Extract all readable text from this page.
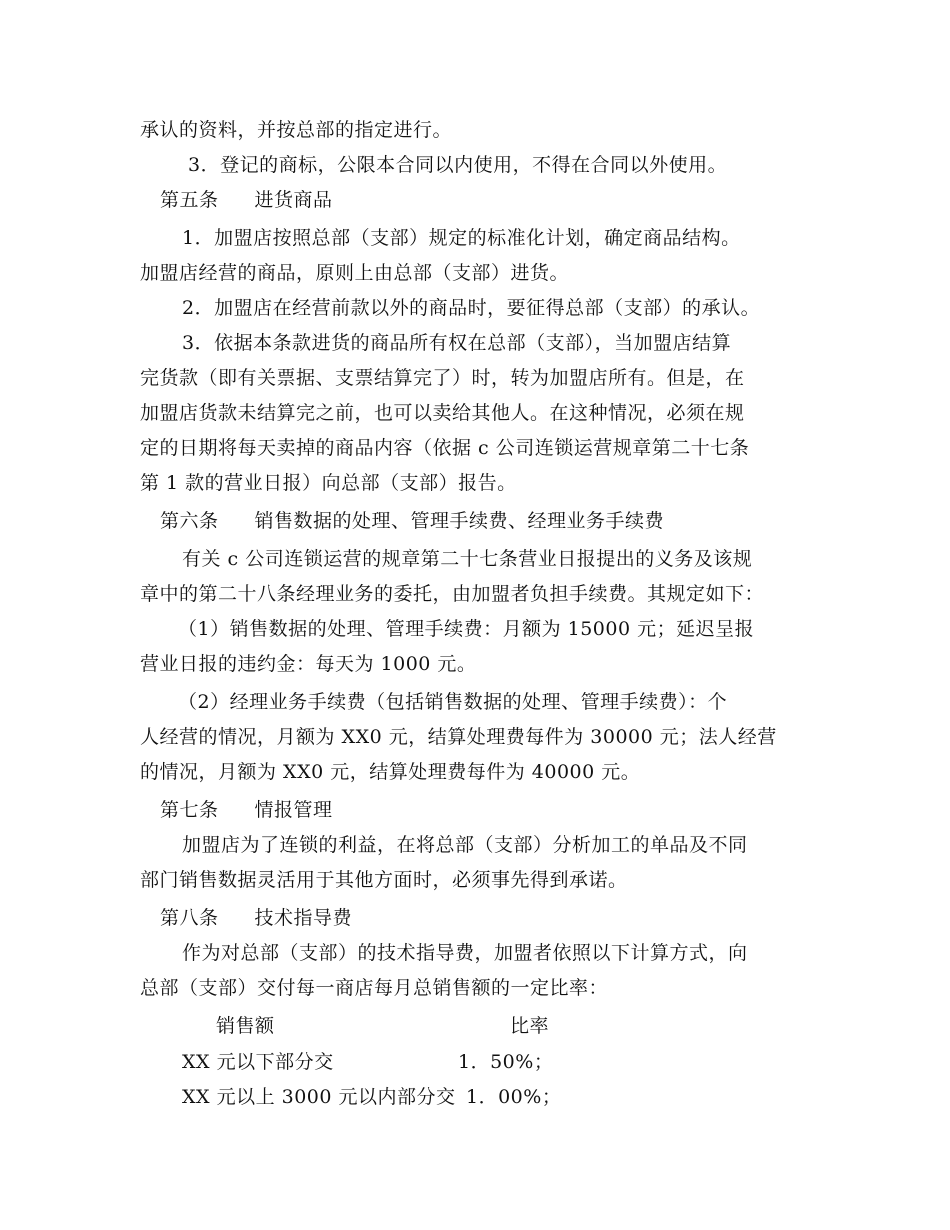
承认的资料，并按总部的指定进行。
3．登记的商标，公限本合同以内使用，不得在合同以外使用。
第五条 进货商品
1．加盟店按照总部（支部）规定的标准化计划，确定商品结构。
加盟店经营的商品，原则上由总部（支部）进货。
2．加盟店在经营前款以外的商品时，要征得总部（支部）的承认。
3．依据本条款进货的商品所有权在总部（支部），当加盟店结算
完货款（即有关票据、支票结算完了）时，转为加盟店所有。但是，在
加盟店货款未结算完之前，也可以卖给其他人。在这种情况，必须在规
定的日期将每天卖掉的商品内容（依据 c 公司连锁运营规章第二十七条
第 1 款的营业日报）向总部（支部）报告。
第六条 销售数据的处理、管理手续费、经理业务手续费
有关 c 公司连锁运营的规章第二十七条营业日报提出的义务及该规
章中的第二十八条经理业务的委托，由加盟者负担手续费。其规定如下：
（1）销售数据的处理、管理手续费：月额为 15000 元；延迟呈报
营业日报的违约金：每天为 1000 元。
（2）经理业务手续费（包括销售数据的处理、管理手续费）：个
人经营的情况，月额为 XX0 元，结算处理费每件为 30000 元；法人经营
的情况，月额为 XX0 元，结算处理费每件为 40000 元。
第七条 情报管理
加盟店为了连锁的利益，在将总部（支部）分析加工的单品及不同
部门销售数据灵活用于其他方面时，必须事先得到承诺。
第八条 技术指导费
作为对总部（支部）的技术指导费，加盟者依照以下计算方式，向
总部（支部）交付每一商店每月总销售额的一定比率：
销售额	比率
XX 元以下部分交	1．50%；
XX 元以上 3000 元以内部分交 1．00%；
